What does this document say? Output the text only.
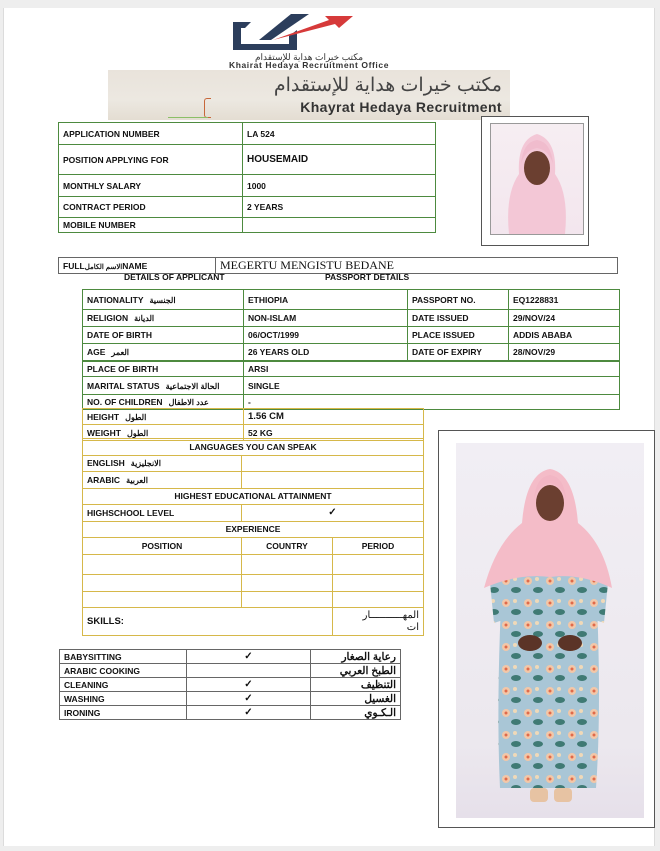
مكتب خيرات هداية للإستقدام
Khairat Hedaya Recruitment Office
مكتب خيرات هداية للإستقدام
Khayrat Hedaya Recruitment
APPLICATION NUMBER	LA 524
POSITION APPLYING FOR	HOUSEMAID
MONTHLY SALARY	1000
CONTRACT PERIOD	2 YEARS
MOBILE NUMBER	
FULLالاسم الكاملNAME	MEGERTU MENGISTU BEDANE
DETAILS OF APPLICANT	PASSPORT DETAILS
NATIONALITY الجنسية	ETHIOPIA	PASSPORT NO.	EQ1228831
RELIGION الديانة	NON-ISLAM	DATE ISSUED	29/NOV/24
DATE OF BIRTH	06/OCT/1999	PLACE ISSUED	ADDIS ABABA
AGE العمر	26 YEARS OLD	DATE OF EXPIRY	28/NOV/29
PLACE OF BIRTH	ARSI
MARITAL STATUS الحالة الاجتماعية	SINGLE
NO. OF CHILDREN عدد الاطفال	-
HEIGHT الطول	1.56 CM
WEIGHT الطول	52 KG
LANGUAGES YOU CAN SPEAK		
ENGLISH الانجليزية		
ARABIC العربية		
HIGHEST EDUCATIONAL ATTAINMENT		
HIGHSCHOOL LEVEL	✓	
EXPERIENCE		
POSITION	COUNTRY	PERIOD

SKILLS:		المهـــــــــــار
ات
BABYSITTING	✓	رعاية الصغار
ARABIC COOKING		الطبخ العربي
CLEANING	✓	التنظيف
WASHING	✓	الغسيل
IRONING	✓	الـكـوي
